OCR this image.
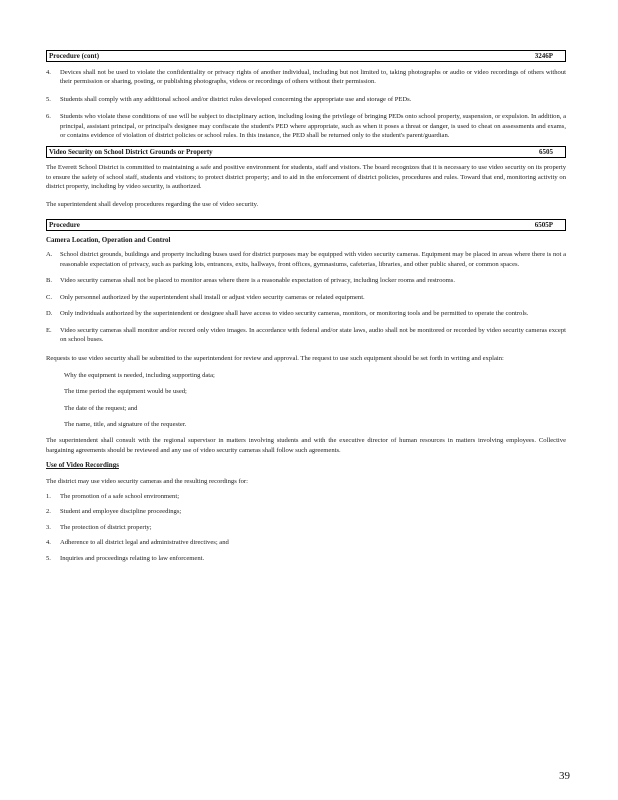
Procedure (cont)	3246P
4.	Devices shall not be used to violate the confidentiality or privacy rights of another individual, including but not limited to, taking photographs or audio or video recordings of others without their permission or sharing, posting, or publishing photographs, videos or recordings of others without their permission.
5.	Students shall comply with any additional school and/or district rules developed concerning the appropriate use and storage of PEDs.
6.	Students who violate these conditions of use will be subject to disciplinary action, including losing the privilege of bringing PEDs onto school property, suspension, or expulsion. In addition, a principal, assistant principal, or principal's designee may confiscate the student's PED where appropriate, such as when it poses a threat or danger, is used to cheat on assessments and exams, or contains evidence of violation of district policies or school rules. In this instance, the PED shall be returned only to the student's parent/guardian.
Video Security on School District Grounds or Property	6505

The Everett School District is committed to maintaining a safe and positive environment for students, staff and visitors. The board recognizes that it is necessary to use video security on its property to ensure the safety of school staff, students and visitors; to protect district property; and to aid in the enforcement of district policies, procedures and rules. Toward that end, monitoring activity on district property, including by video security, is authorized.

The superintendent shall develop procedures regarding the use of video security.

Procedure	6505P
Camera Location, Operation and Control
A.	School district grounds, buildings and property including buses used for district purposes may be equipped with video security cameras. Equipment may be placed in areas where there is not a reasonable expectation of privacy, such as parking lots, entrances, exits, hallways, front offices, gymnasiums, cafeterias, libraries, and other public shared, or common spaces.
B.	Video security cameras shall not be placed to monitor areas where there is a reasonable expectation of privacy, including locker rooms and restrooms.
C.	Only personnel authorized by the superintendent shall install or adjust video security cameras or related equipment.
D.	Only individuals authorized by the superintendent or designee shall have access to video security cameras, monitors, or monitoring tools and be permitted to operate the controls.
E.	Video security cameras shall monitor and/or record only video images. In accordance with federal and/or state laws, audio shall not be monitored or recorded by video security cameras except on school buses.

Requests to use video security shall be submitted to the superintendent for review and approval. The request to use such equipment should be set forth in writing and explain:

Why the equipment is needed, including supporting data;
The time period the equipment would be used;
The date of the request; and
The name, title, and signature of the requester.

The superintendent shall consult with the regional supervisor in matters involving students and with the executive director of human resources in matters involving employees. Collective bargaining agreements should be reviewed and any use of video security cameras shall follow such agreements.

Use of Video Recordings

The district may use video security cameras and the resulting recordings for:

1.	The promotion of a safe school environment;
2.	Student and employee discipline proceedings;
3.	The protection of district property;
4.	Adherence to all district legal and administrative directives; and
5.	Inquiries and proceedings relating to law enforcement.
39
